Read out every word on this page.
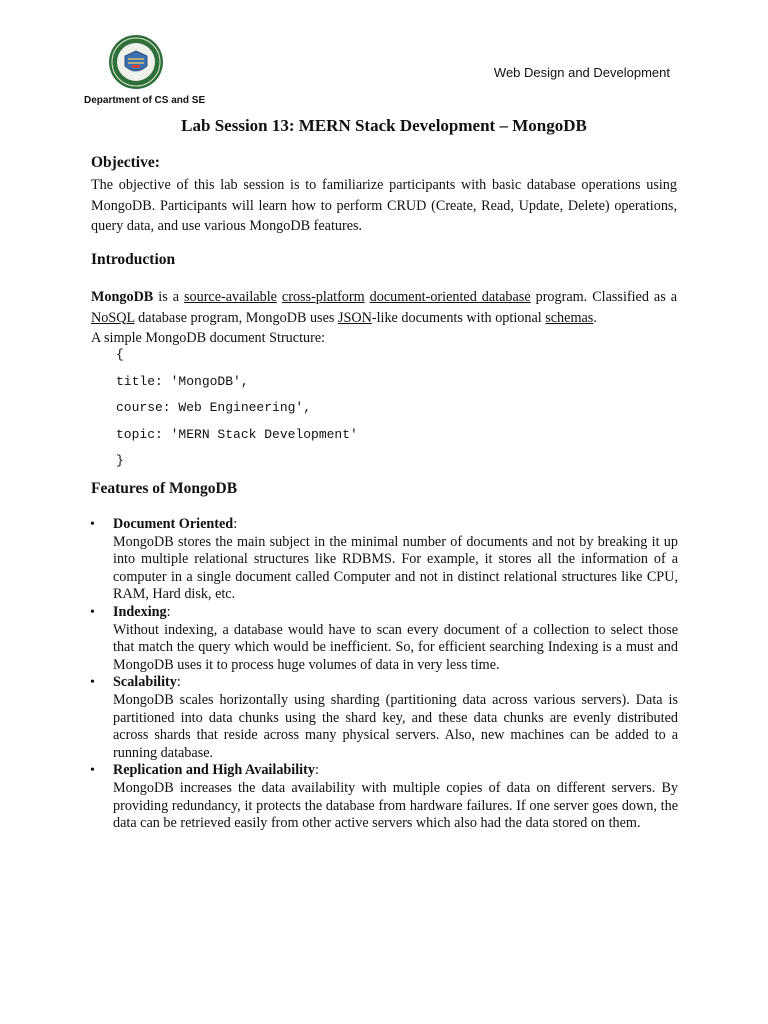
Department of CS and SE
Web Design and Development
Lab Session 13: MERN Stack Development – MongoDB
Objective:
The objective of this lab session is to familiarize participants with basic database operations using MongoDB. Participants will learn how to perform CRUD (Create, Read, Update, Delete) operations, query data, and use various MongoDB features.
Introduction
MongoDB is a source-available cross-platform document-oriented database program. Classified as a NoSQL database program, MongoDB uses JSON-like documents with optional schemas.
A simple MongoDB document Structure:
{
title: 'MongoDB',
course: Web Engineering',
topic: 'MERN Stack Development'
}
Features of MongoDB
• Document Oriented:
MongoDB stores the main subject in the minimal number of documents and not by breaking it up into multiple relational structures like RDBMS. For example, it stores all the information of a computer in a single document called Computer and not in distinct relational structures like CPU, RAM, Hard disk, etc.
• Indexing:
Without indexing, a database would have to scan every document of a collection to select those that match the query which would be inefficient. So, for efficient searching Indexing is a must and MongoDB uses it to process huge volumes of data in very less time.
• Scalability:
MongoDB scales horizontally using sharding (partitioning data across various servers). Data is partitioned into data chunks using the shard key, and these data chunks are evenly distributed across shards that reside across many physical servers. Also, new machines can be added to a running database.
• Replication and High Availability:
MongoDB increases the data availability with multiple copies of data on different servers. By providing redundancy, it protects the database from hardware failures. If one server goes down, the data can be retrieved easily from other active servers which also had the data stored on them.
